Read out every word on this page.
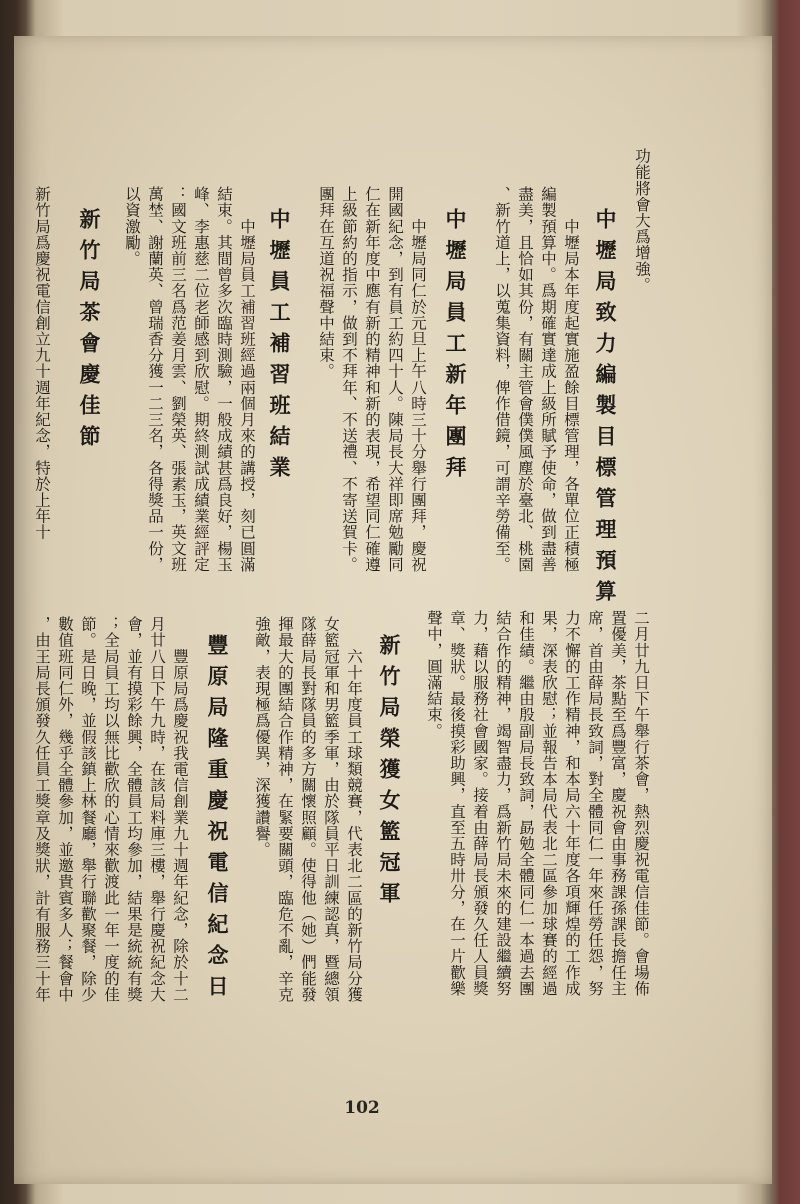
功能將會大爲增強。
中壢局致力編製目標管理預算
　　中壢局本年度起實施盈餘目標管理，各單位正積極
編製預算中。爲期確實達成上級所賦予使命，做到盡善
盡美，且恰如其份，有關主管會僕僕風塵於臺北、桃園
、新竹道上，以蒐集資料，俾作借鏡，可謂辛勞備至。
中壢局員工新年團拜
　　中壢局同仁於元旦上午八時三十分舉行團拜，慶祝
開國紀念，到有員工約四十人。陳局長大祥即席勉勵同
仁在新年度中應有新的精神和新的表現，希望同仁確遵
上級節約的指示，做到不拜年、不送禮、不寄送賀卡。
團拜在互道祝福聲中結束。
中壢員工補習班結業
　　中壢局員工補習班經過兩個月來的講授，刻已圓滿
結束。其間曾多次臨時測驗，一般成績甚爲良好，楊玉
峰、李惠慈二位老師感到欣慰。期終測試成績業經評定
：國文班前三名爲范姜月雲、劉榮英、張素玉，英文班
萬埜、謝蘭英、曾瑞香分獲一二三名，各得獎品一份，
以資激勵。
新竹局茶會慶佳節
新竹局爲慶祝電信創立九十週年紀念，特於上年十
二月廿九日下午舉行茶會，熱烈慶祝電信佳節。會場佈
置優美，茶點至爲豐富，慶祝會由事務課孫課長擔任主
席，首由薛局長致詞，對全體同仁一年來任勞任怨，努
力不懈的工作精神，和本局六十年度各項輝煌的工作成
果，深表欣慰；並報告本局代表北二區參加球賽的經過
和佳績。繼由殷副局長致詞，勗勉全體同仁一本過去團
結合作的精神，竭智盡力，爲新竹局未來的建設繼續努
力，藉以服務社會國家。接着由薛局長頒發久任人員獎
章、獎狀。最後摸彩助興，直至五時卅分，在一片歡樂
聲中，圓滿結束。
新竹局榮獲女籃冠軍
　　六十年度員工球類競賽，代表北二區的新竹局分獲
女籃冠軍和男籃季軍，由於隊員平日訓練認真，暨總領
隊薛局長對隊員的多方關懷照顧。使得他（她）們能發
揮最大的團結合作精神，在緊要關頭，臨危不亂，辛克
強敵，表現極爲優異，深獲讚譽。
豐原局隆重慶祝電信紀念日
　　豐原局爲慶祝我電信創業九十週年紀念，除於十二
月廿八日下午九時，在該局料庫三樓，舉行慶祝紀念大
會，並有摸彩餘興，全體員工均參加，結果是統統有獎
；全局員工均以無比歡欣的心情來歡渡此一年一度的佳
節。是日晚，並假該鎮上林餐廳，舉行聯歡聚餐，除少
數值班同仁外，幾乎全體參加，並邀貴賓多人；餐會中
，由王局長頒發久任員工獎章及獎狀，計有服務三十年
102
